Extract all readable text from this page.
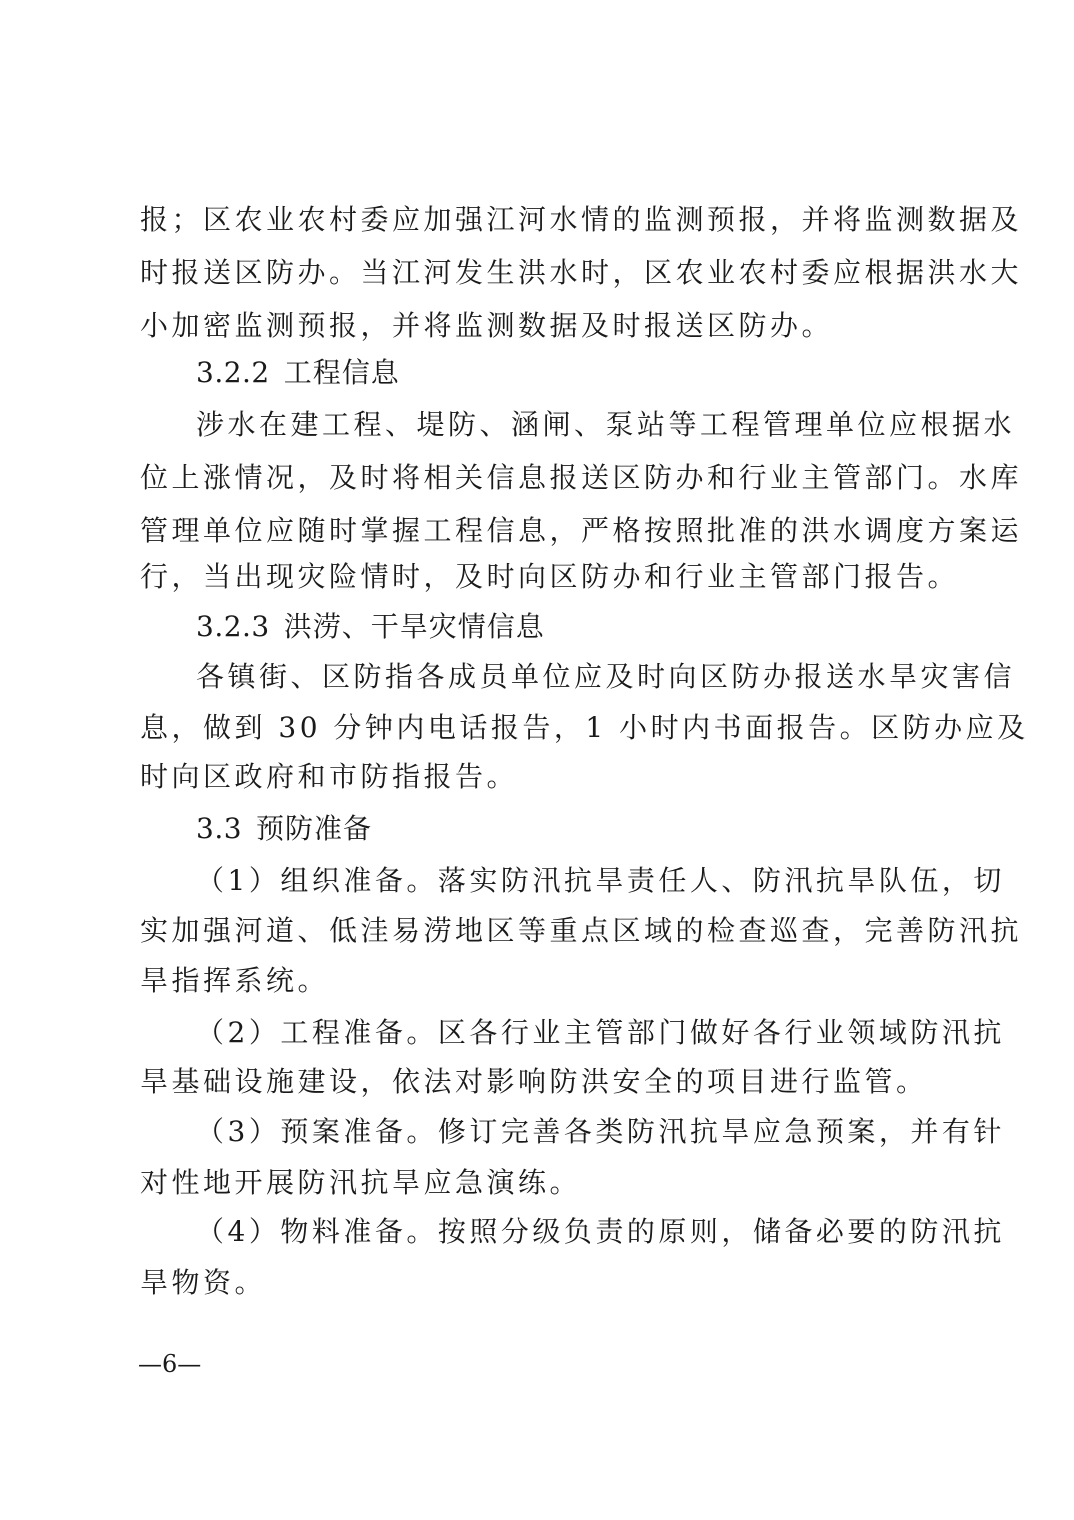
报；区农业农村委应加强江河水情的监测预报，并将监测数据及
时报送区防办。当江河发生洪水时，区农业农村委应根据洪水大
小加密监测预报，并将监测数据及时报送区防办。
3.2.2 工程信息
涉水在建工程、堤防、涵闸、泵站等工程管理单位应根据水
位上涨情况，及时将相关信息报送区防办和行业主管部门。水库
管理单位应随时掌握工程信息，严格按照批准的洪水调度方案运
行，当出现灾险情时，及时向区防办和行业主管部门报告。
3.2.3 洪涝、干旱灾情信息
各镇街、区防指各成员单位应及时向区防办报送水旱灾害信
息，做到 30 分钟内电话报告，1 小时内书面报告。区防办应及
时向区政府和市防指报告。
3.3 预防准备
（1）组织准备。落实防汛抗旱责任人、防汛抗旱队伍，切
实加强河道、低洼易涝地区等重点区域的检查巡查，完善防汛抗
旱指挥系统。
（2）工程准备。区各行业主管部门做好各行业领域防汛抗
旱基础设施建设，依法对影响防洪安全的项目进行监管。
（3）预案准备。修订完善各类防汛抗旱应急预案，并有针
对性地开展防汛抗旱应急演练。
（4）物料准备。按照分级负责的原则，储备必要的防汛抗
旱物资。
—6—
